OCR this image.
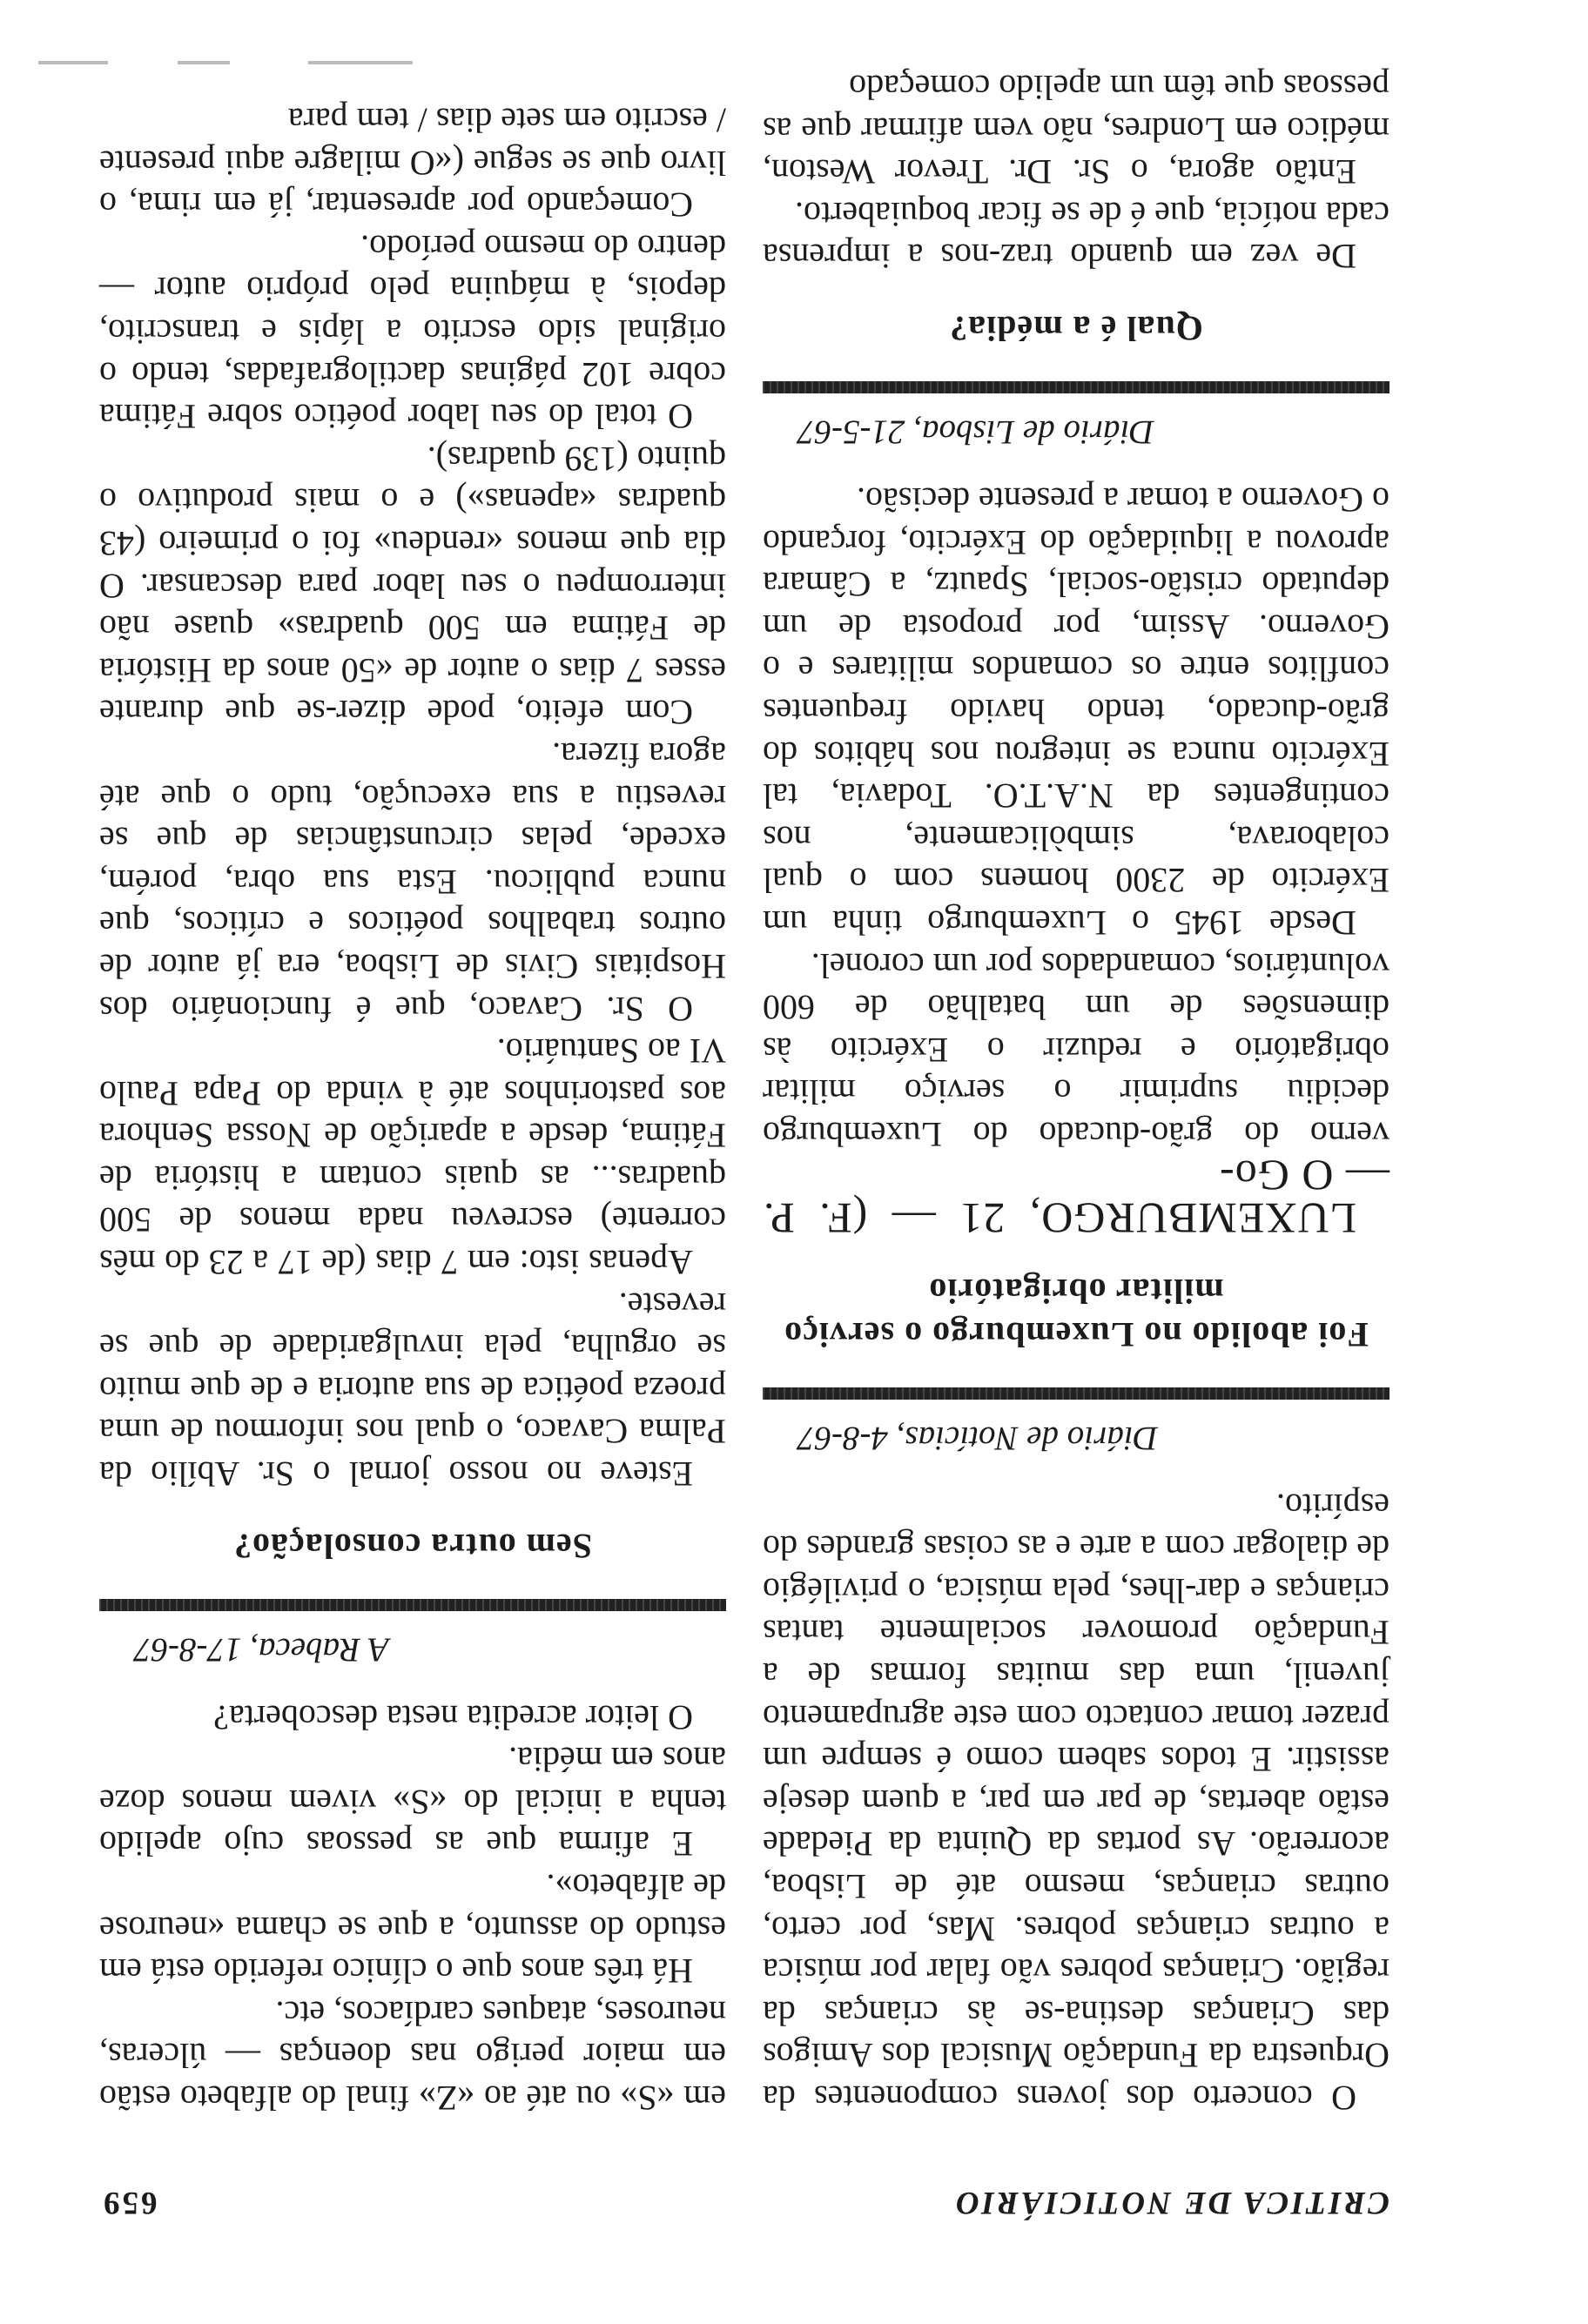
CRITICA DE NOTICIÁRIO
659

O concerto dos jovens componentes da Orquestra da Fundação Musical dos Amigos das Crianças destina-se às crianças da região. Crianças pobres vão falar por música a outras crianças pobres. Mas, por certo, outras crianças, mesmo até de Lisboa, acorrerão. As portas da Quinta da Piedade estão abertas, de par em par, a quem deseje assistir. E todos sabem como é sempre um prazer tomar contacto com este agrupamento juvenil, uma das muitas formas de a Fundação promover socialmente tantas crianças e dar-lhes, pela música, o privilégio de dialogar com a arte e as coisas grandes do espírito.

Diário de Notícias, 4-8-67
Foi abolido no Luxemburgo o serviço
militar obrigatório

LUXEMBURGO, 21 — (F. P. — O Go-

verno do grão-ducado do Luxemburgo decidiu suprimir o serviço militar obrigatório e reduzir o Exército às dimensões de um batalhão de 600 voluntários, comandados por um coronel.

Desde 1945 o Luxemburgo tinha um Exército de 2300 homens com o qual colaborava, simbòlicamente, nos contingentes da N.A.T.O. Todavia, tal Exército nunca se integrou nos hábitos do grão-ducado, tendo havido frequentes conflitos entre os comandos militares e o Governo. Assim, por proposta de um deputado cristão-social, Spautz, a Câmara aprovou a liquidação do Exército, forçando o Governo a tomar a presente decisão.

Diário de Lisboa, 21-5-67
Qual é a média?

De vez em quando traz-nos a imprensa cada notícia, que é de se ficar boquiaberto.

Então agora, o Sr. Dr. Trevor Weston, médico em Londres, não vem afirmar que as pessoas que têm um apelido começado

em «S» ou até ao «Z» final do alfabeto estão em maior perigo nas doenças — úlceras, neuroses, ataques cardíacos, etc.

Há três anos que o clínico referido está em estudo do assunto, a que se chama «neurose de alfabeto».

E afirma que as pessoas cujo apelido tenha a inicial do «S» vivem menos doze anos em média.

O leitor acredita nesta descoberta?

A Rabeca, 17-8-67
Sem outra consolação?

Esteve no nosso jornal o Sr. Abílio da Palma Cavaco, o qual nos informou de uma proeza poética de sua autoria e de que muito se orgulha, pela invulgaridade de que se reveste.

Apenas isto: em 7 dias (de 17 a 23 do mês corrente) escreveu nada menos de 500 quadras... as quais contam a história de Fátima, desde a aparição de Nossa Senhora aos pastorinhos até à vinda do Papa Paulo VI ao Santuário.

O Sr. Cavaco, que é funcionário dos Hospitais Civis de Lisboa, era já autor de outros trabalhos poéticos e críticos, que nunca publicou. Esta sua obra, porém, excede, pelas circunstâncias de que se revestiu a sua execução, tudo o que até agora fizera.

Com efeito, pode dizer-se que durante esses 7 dias o autor de «50 anos da História de Fátima em 500 quadras» quase não interrompeu o seu labor para descansar. O dia que menos «rendeu» foi o primeiro (43 quadras «apenas») e o mais produtivo o quinto (139 quadras).

O total do seu labor poético sobre Fátima cobre 102 páginas dactilografadas, tendo o original sido escrito a lápis e transcrito, depois, à máquina pelo próprio autor — dentro do mesmo período.

Começando por apresentar, já em rima, o livro que se segue («O milagre aqui presente / escrito em sete dias / tem para
